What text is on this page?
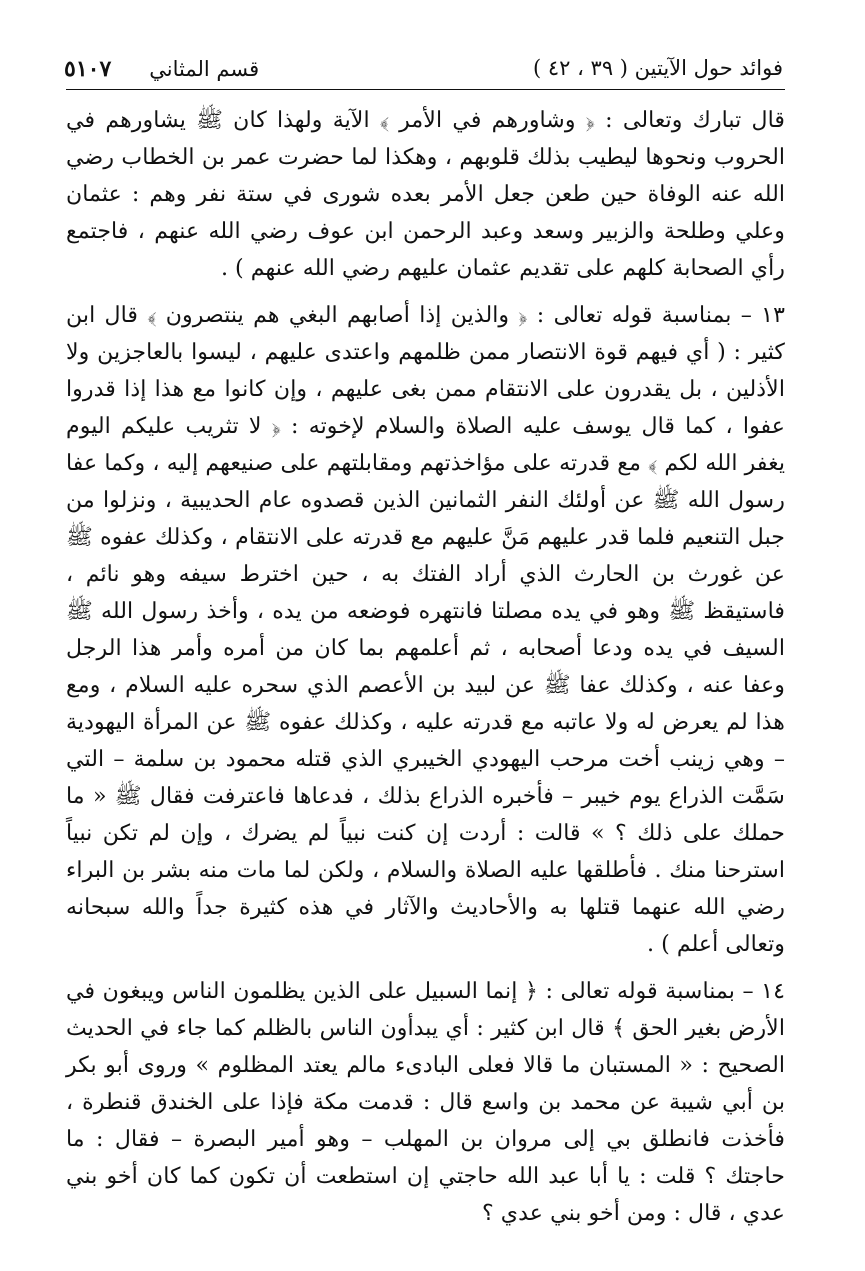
فوائد حول الآيتين ( ٣٩ ، ٤٢ )
قسم المثاني٥١٠٧

قال تبارك وتعالى : ﴿ وشاورهم في الأمر ﴾ الآية ولهذا كان ﷺ يشاورهم في الحروب ونحوها ليطيب بذلك قلوبهم ، وهكذا لما حضرت عمر بن الخطاب رضي الله عنه الوفاة حين طعن جعل الأمر بعده شورى في ستة نفر وهم : عثمان وعلي وطلحة والزبير وسعد وعبد الرحمن ابن عوف رضي الله عنهم ، فاجتمع رأي الصحابة كلهم على تقديم عثمان عليهم رضي الله عنهم ) .

١٣ – بمناسبة قوله تعالى : ﴿ والذين إذا أصابهم البغي هم ينتصرون ﴾ قال ابن كثير : ( أي فيهم قوة الانتصار ممن ظلمهم واعتدى عليهم ، ليسوا بالعاجزين ولا الأذلين ، بل يقدرون على الانتقام ممن بغى عليهم ، وإن كانوا مع هذا إذا قدروا عفوا ، كما قال يوسف عليه الصلاة والسلام لإخوته : ﴿ لا تثريب عليكم اليوم يغفر الله لكم ﴾ مع قدرته على مؤاخذتهم ومقابلتهم على صنيعهم إليه ، وكما عفا رسول الله ﷺ عن أولئك النفر الثمانين الذين قصدوه عام الحديبية ، ونزلوا من جبل التنعيم فلما قدر عليهم مَنَّ عليهم مع قدرته على الانتقام ، وكذلك عفوه ﷺ عن غورث بن الحارث الذي أراد الفتك به ، حين اخترط سيفه وهو نائم ، فاستيقظ ﷺ وهو في يده مصلتا فانتهره فوضعه من يده ، وأخذ رسول الله ﷺ السيف في يده ودعا أصحابه ، ثم أعلمهم بما كان من أمره وأمر هذا الرجل وعفا عنه ، وكذلك عفا ﷺ عن لبيد بن الأعصم الذي سحره عليه السلام ، ومع هذا لم يعرض له ولا عاتبه مع قدرته عليه ، وكذلك عفوه ﷺ عن المرأة اليهودية – وهي زينب أخت مرحب اليهودي الخيبري الذي قتله محمود بن سلمة – التي سَمَّت الذراع يوم خيبر – فأخبره الذراع بذلك ، فدعاها فاعترفت فقال ﷺ « ما حملك على ذلك ؟ » قالت : أردت إن كنت نبياً لم يضرك ، وإن لم تكن نبياً استرحنا منك . فأطلقها عليه الصلاة والسلام ، ولكن لما مات منه بشر بن البراء رضي الله عنهما قتلها به والأحاديث والآثار في هذه كثيرة جداً والله سبحانه وتعالى أعلم ) .

١٤ – بمناسبة قوله تعالى : ﴿ إنما السبيل على الذين يظلمون الناس ويبغون في الأرض بغير الحق ﴾ قال ابن كثير : أي يبدأون الناس بالظلم كما جاء في الحديث الصحيح : « المستبان ما قالا فعلى البادىء مالم يعتد المظلوم » وروى أبو بكر بن أبي شيبة عن محمد بن واسع قال : قدمت مكة فإذا على الخندق قنطرة ، فأخذت فانطلق بي إلى مروان بن المهلب – وهو أمير البصرة – فقال : ما حاجتك ؟ قلت : يا أبا عبد الله حاجتي إن استطعت أن تكون كما كان أخو بني عدي ، قال : ومن أخو بني عدي ؟
